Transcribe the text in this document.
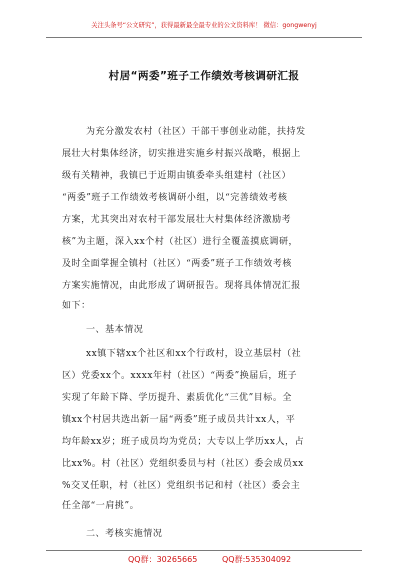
关注头条号“公文研究”，获得最新最全最专业的公文资料库！ 微信：gongwenyj
村居“两委”班子工作绩效考核调研汇报
为充分激发农村（社区）干部干事创业动能，扶持发
展壮大村集体经济，切实推进实施乡村振兴战略，根据上
级有关精神，我镇已于近期由镇委牵头组建村（社区）
“两委”班子工作绩效考核调研小组，以“完善绩效考核
方案，尤其突出对农村干部发展壮大村集体经济激励考
核”为主题，深入xx个村（社区）进行全覆盖摸底调研，
及时全面掌握全镇村（社区）“两委”班子工作绩效考核
方案实施情况，由此形成了调研报告。现将具体情况汇报
如下：
一、基本情况
xx镇下辖xx个社区和xx个行政村，设立基层村（社
区）党委xx个。xxxx年村（社区）“两委”换届后，班子
实现了年龄下降、学历提升、素质优化“三优”目标。全
镇xx个村居共选出新一届“两委”班子成员共计xx人，平
均年龄xx岁；班子成员均为党员；大专以上学历xx人，占
比xx%。村（社区）党组织委员与村（社区）委会成员xx
%交叉任职，村（社区）党组织书记和村（社区）委会主
任全部“一肩挑”。
二、考核实施情况
QQ群：30265665	QQ群:535304092
